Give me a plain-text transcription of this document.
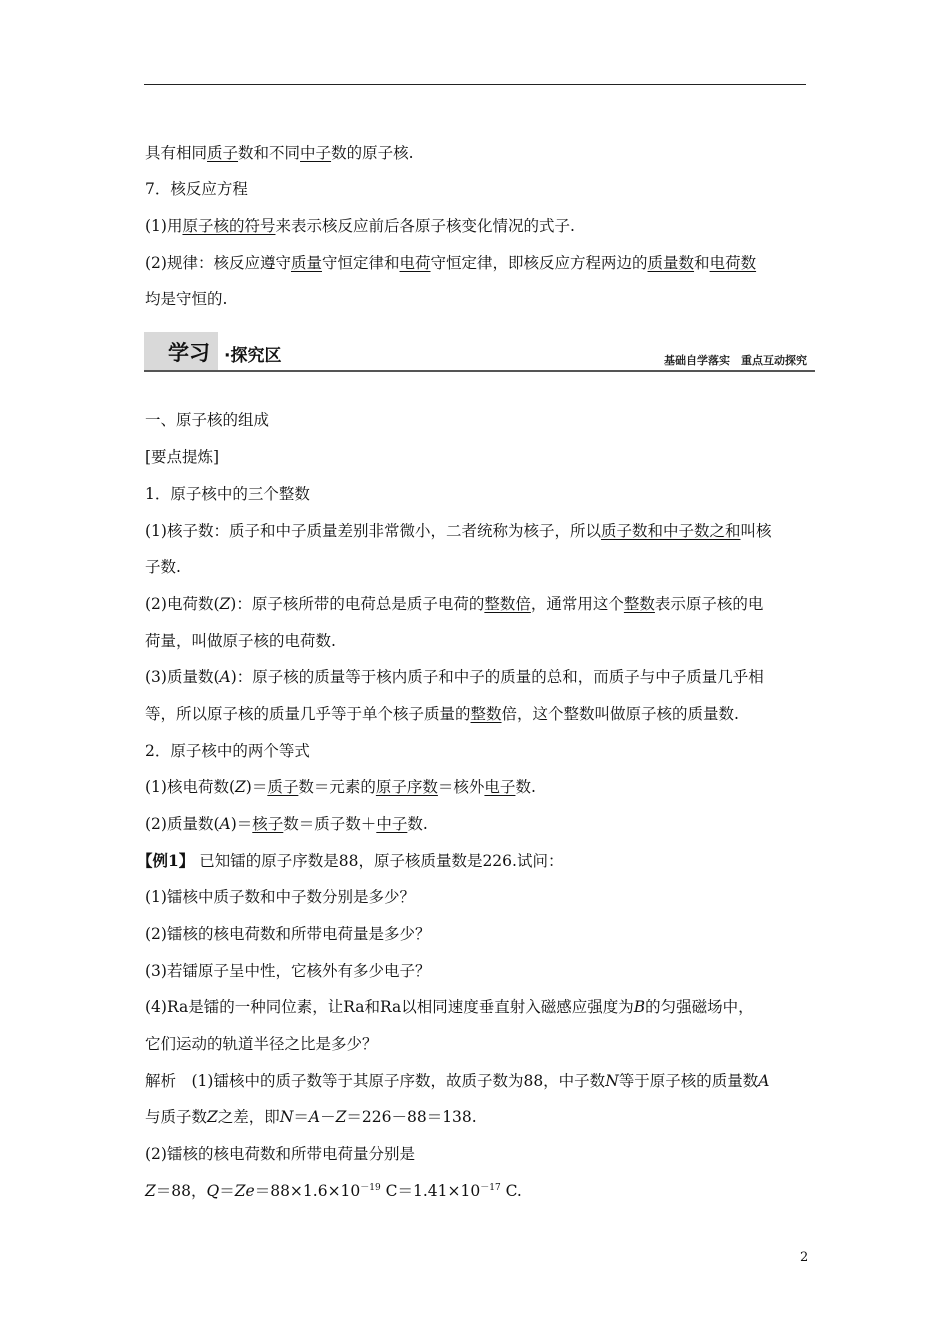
具有相同质子数和不同中子数的原子核.
7．核反应方程
(1)用原子核的符号来表示核反应前后各原子核变化情况的式子.
(2)规律：核反应遵守质量守恒定律和电荷守恒定律，即核反应方程两边的质量数和电荷数
均是守恒的.
学习 ·探究区	基础自学落实　重点互动探究
一、原子核的组成
[要点提炼]
1．原子核中的三个整数
(1)核子数：质子和中子质量差别非常微小，二者统称为核子，所以质子数和中子数之和叫核
子数.
(2)电荷数(Z)：原子核所带的电荷总是质子电荷的整数倍，通常用这个整数表示原子核的电
荷量，叫做原子核的电荷数.
(3)质量数(A)：原子核的质量等于核内质子和中子的质量的总和，而质子与中子质量几乎相
等，所以原子核的质量几乎等于单个核子质量的整数倍，这个整数叫做原子核的质量数.
2．原子核中的两个等式
(1)核电荷数(Z)＝质子数＝元素的原子序数＝核外电子数.
(2)质量数(A)＝核子数＝质子数＋中子数.
【例1】 已知镭的原子序数是88，原子核质量数是226.试问：
(1)镭核中质子数和中子数分别是多少？
(2)镭核的核电荷数和所带电荷量是多少？
(3)若镭原子呈中性，它核外有多少电子？
(4)Ra是镭的一种同位素，让Ra和Ra以相同速度垂直射入磁感应强度为B的匀强磁场中，
它们运动的轨道半径之比是多少？
解析　(1)镭核中的质子数等于其原子序数，故质子数为88，中子数N等于原子核的质量数A
与质子数Z之差，即N＝A－Z＝226－88＝138.
(2)镭核的核电荷数和所带电荷量分别是
Z＝88，$Q=Ze=88\times 1.6\times 10^{-19}$ $C=1.41\times 10^{-17}$ C.
2
